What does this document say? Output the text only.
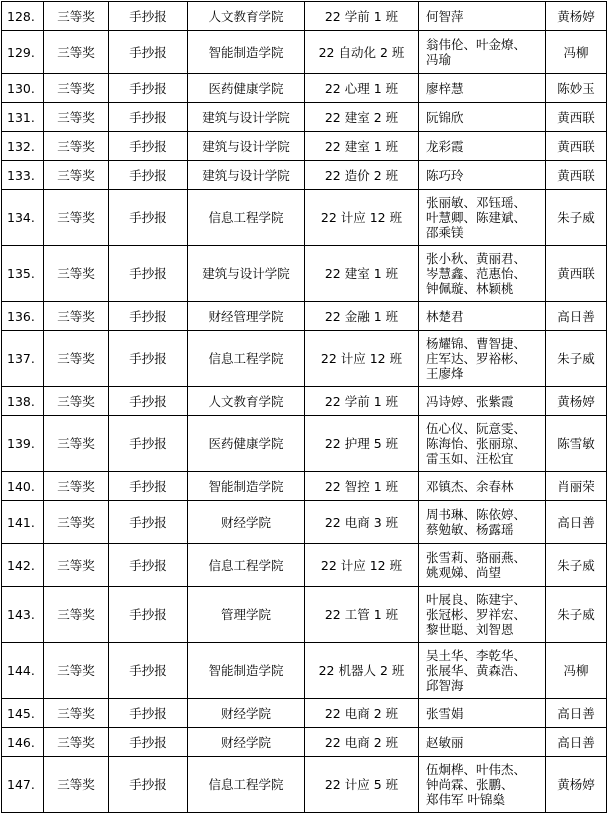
128.	三等奖	手抄报	人文教育学院	22 学前 1 班	何智萍	黄杨婷
129.	三等奖	手抄报	智能制造学院	22 自动化 2 班	翁伟伦、叶金燎、
冯瑜	冯柳
130.	三等奖	手抄报	医药健康学院	22 心理 1 班	廖梓慧	陈妙玉
131.	三等奖	手抄报	建筑与设计学院	22 建室 2 班	阮锦欣	黄西联
132.	三等奖	手抄报	建筑与设计学院	22 建室 1 班	龙彩霞	黄西联
133.	三等奖	手抄报	建筑与设计学院	22 造价 2 班	陈巧玲	黄西联
134.	三等奖	手抄报	信息工程学院	22 计应 12 班	张丽敏、邓钰瑶、
叶慧卿、陈建斌、
邵乘镁	朱子威
135.	三等奖	手抄报	建筑与设计学院	22 建室 1 班	张小秋、黄丽君、
岑慧鑫、范惠怡、
钟佩璇、林颖桃	黄西联
136.	三等奖	手抄报	财经管理学院	22 金融 1 班	林楚君	高日善
137.	三等奖	手抄报	信息工程学院	22 计应 12 班	杨耀锦、曹智捷、
庄军达、罗裕彬、
王廖烽	朱子威
138.	三等奖	手抄报	人文教育学院	22 学前 1 班	冯诗婷、张紫霞	黄杨婷
139.	三等奖	手抄报	医药健康学院	22 护理 5 班	伍心仪、阮意雯、
陈海怡、张丽琼、
雷玉如、汪松宜	陈雪敏
140.	三等奖	手抄报	智能制造学院	22 智控 1 班	邓镇杰、余春林	肖丽荣
141.	三等奖	手抄报	财经学院	22 电商 3 班	周书琳、陈依婷、
蔡勉敏、杨露瑶	高日善
142.	三等奖	手抄报	信息工程学院	22 计应 12 班	张雪莉、骆丽燕、
姚观娣、尚望	朱子威
143.	三等奖	手抄报	管理学院	22 工管 1 班	叶展良、陈建宇、
张冠彬、罗祥宏、
黎世聪、刘智恩	朱子威
144.	三等奖	手抄报	智能制造学院	22 机器人 2 班	吴土华、李乾华、
张展华、黄森浩、
邱智海	冯柳
145.	三等奖	手抄报	财经学院	22 电商 2 班	张雪娟	高日善
146.	三等奖	手抄报	财经学院	22 电商 2 班	赵敏丽	高日善
147.	三等奖	手抄报	信息工程学院	22 计应 5 班	伍炯桦、叶伟杰、
钟尚霖、张鹏、
郑伟军 叶锦燊	黄杨婷
